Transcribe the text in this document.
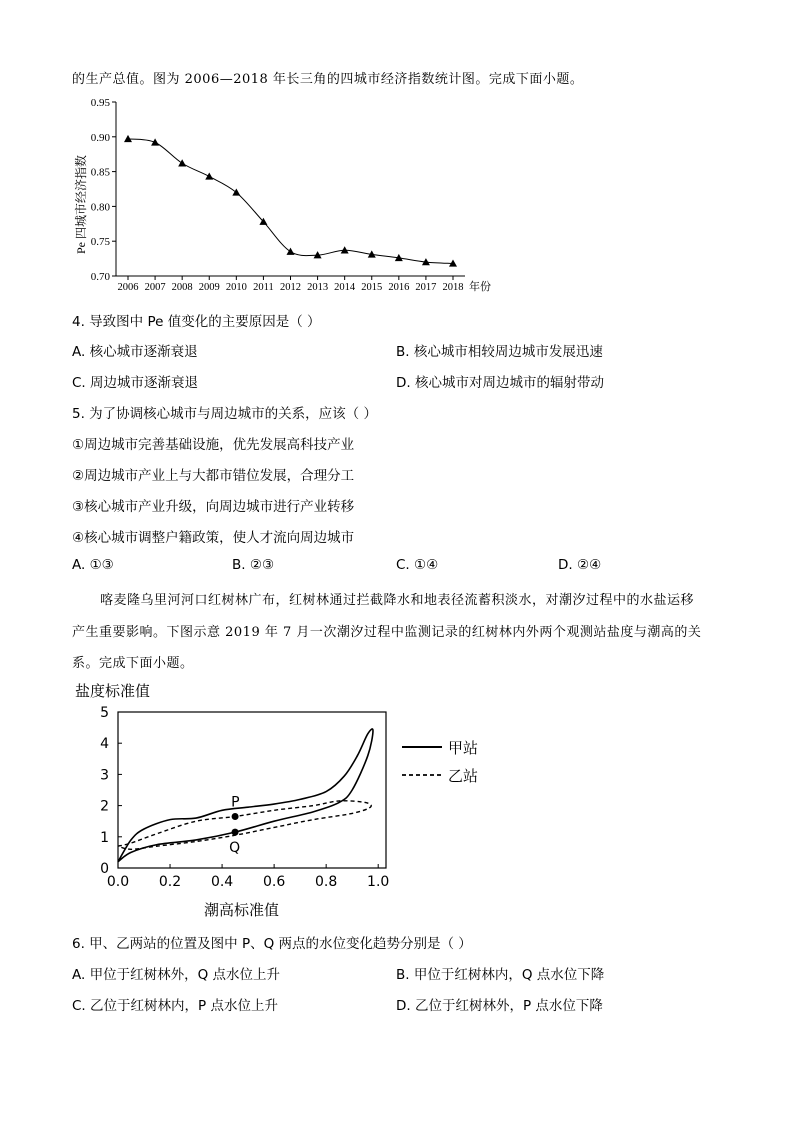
的生产总值。图为 2006—2018 年长三角的四城市经济指数统计图。完成下面小题。
0.95
0.90
0.85
0.80
0.75
0.70
2006 2007 2008 2009 2010 2011 2012 2013 2014 2015 2016 2017 2018
Pe 四城市经济指数
年份
4. 导致图中 Pe 值变化的主要原因是（ ）
A. 核心城市逐渐衰退	B. 核心城市相较周边城市发展迅速
C. 周边城市逐渐衰退	D. 核心城市对周边城市的辐射带动
5. 为了协调核心城市与周边城市的关系，应该（ ）
①周边城市完善基础设施，优先发展高科技产业
②周边城市产业上与大都市错位发展，合理分工
③核心城市产业升级，向周边城市进行产业转移
④核心城市调整户籍政策，使人才流向周边城市
A. ①③	B. ②③	C. ①④	D. ②④
喀麦隆乌里河河口红树林广布，红树林通过拦截降水和地表径流蓄积淡水，对潮汐过程中的水盐运移
产生重要影响。下图示意 2019 年 7 月一次潮汐过程中监测记录的红树林内外两个观测站盐度与潮高的关
系。完成下面小题。
盐度标准值
5
4
3
2
1
0
0.0 0.2 0.4 0.6 0.8 1.0
甲站
乙站
P
Q
潮高标准值
6. 甲、乙两站的位置及图中 P、Q 两点的水位变化趋势分别是（ ）
A. 甲位于红树林外，Q 点水位上升	B. 甲位于红树林内，Q 点水位下降
C. 乙位于红树林内，P 点水位上升	D. 乙位于红树林外，P 点水位下降
